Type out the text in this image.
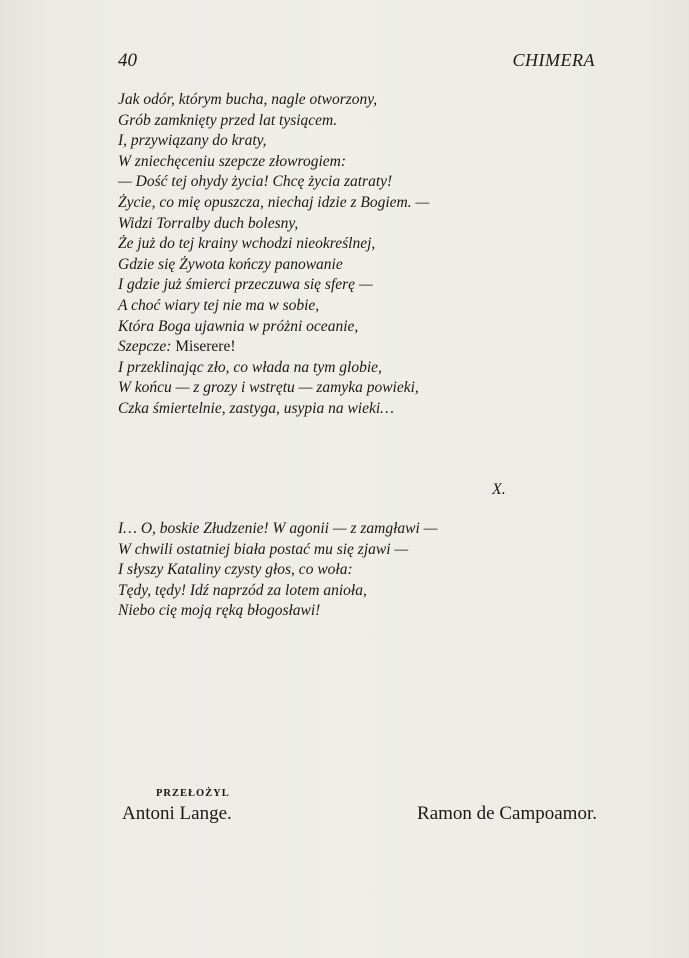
40	CHIMERA
Jak odór, którym bucha, nagle otworzony,
Grób zamknięty przed lat tysiącem.
I, przywiązany do kraty,
W zniechęceniu szepcze złowrogiem:
— Dość tej ohydy życia! Chcę życia zatraty!
Życie, co mię opuszcza, niechaj idzie z Bogiem. —
Widzi Torralby duch bolesny,
Że już do tej krainy wchodzi nieokreślnej,
Gdzie się Żywota kończy panowanie
I gdzie już śmierci przeczuwa się sferę —
A choć wiary tej nie ma w sobie,
Która Boga ujawnia w próżni oceanie,
Szepcze: Miserere!
I przeklinając zło, co włada na tym globie,
W końcu — z grozy i wstrętu — zamyka powieki,
Czka śmiertelnie, zastyga, usypia na wieki…
X.
I… O, boskie Złudzenie! W agonii — z zamgławi —
W chwili ostatniej biała postać mu się zjawi —
I słyszy Kataliny czysty głos, co woła:
Tędy, tędy! Idź naprzód za lotem anioła,
Niebo cię moją ręką błogosławi!
PRZEŁOŻYL
Antoni Lange.	Ramon de Campoamor.
